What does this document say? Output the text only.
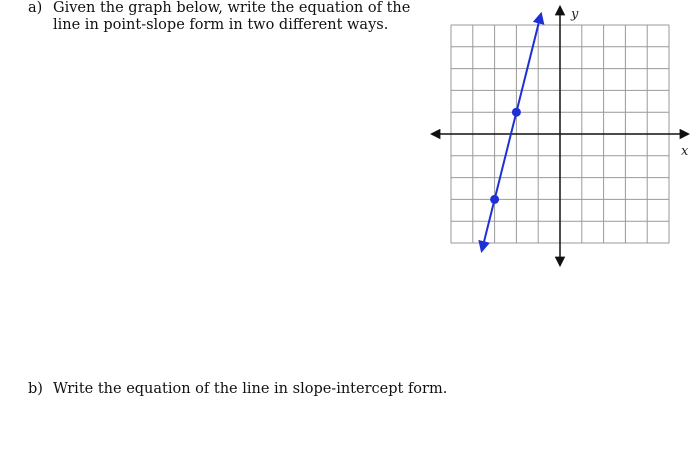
a) Given the graph below, write the equation of the line in point-slope form in two different ways.
b) Write the equation of the line in slope-intercept form.
x
y
